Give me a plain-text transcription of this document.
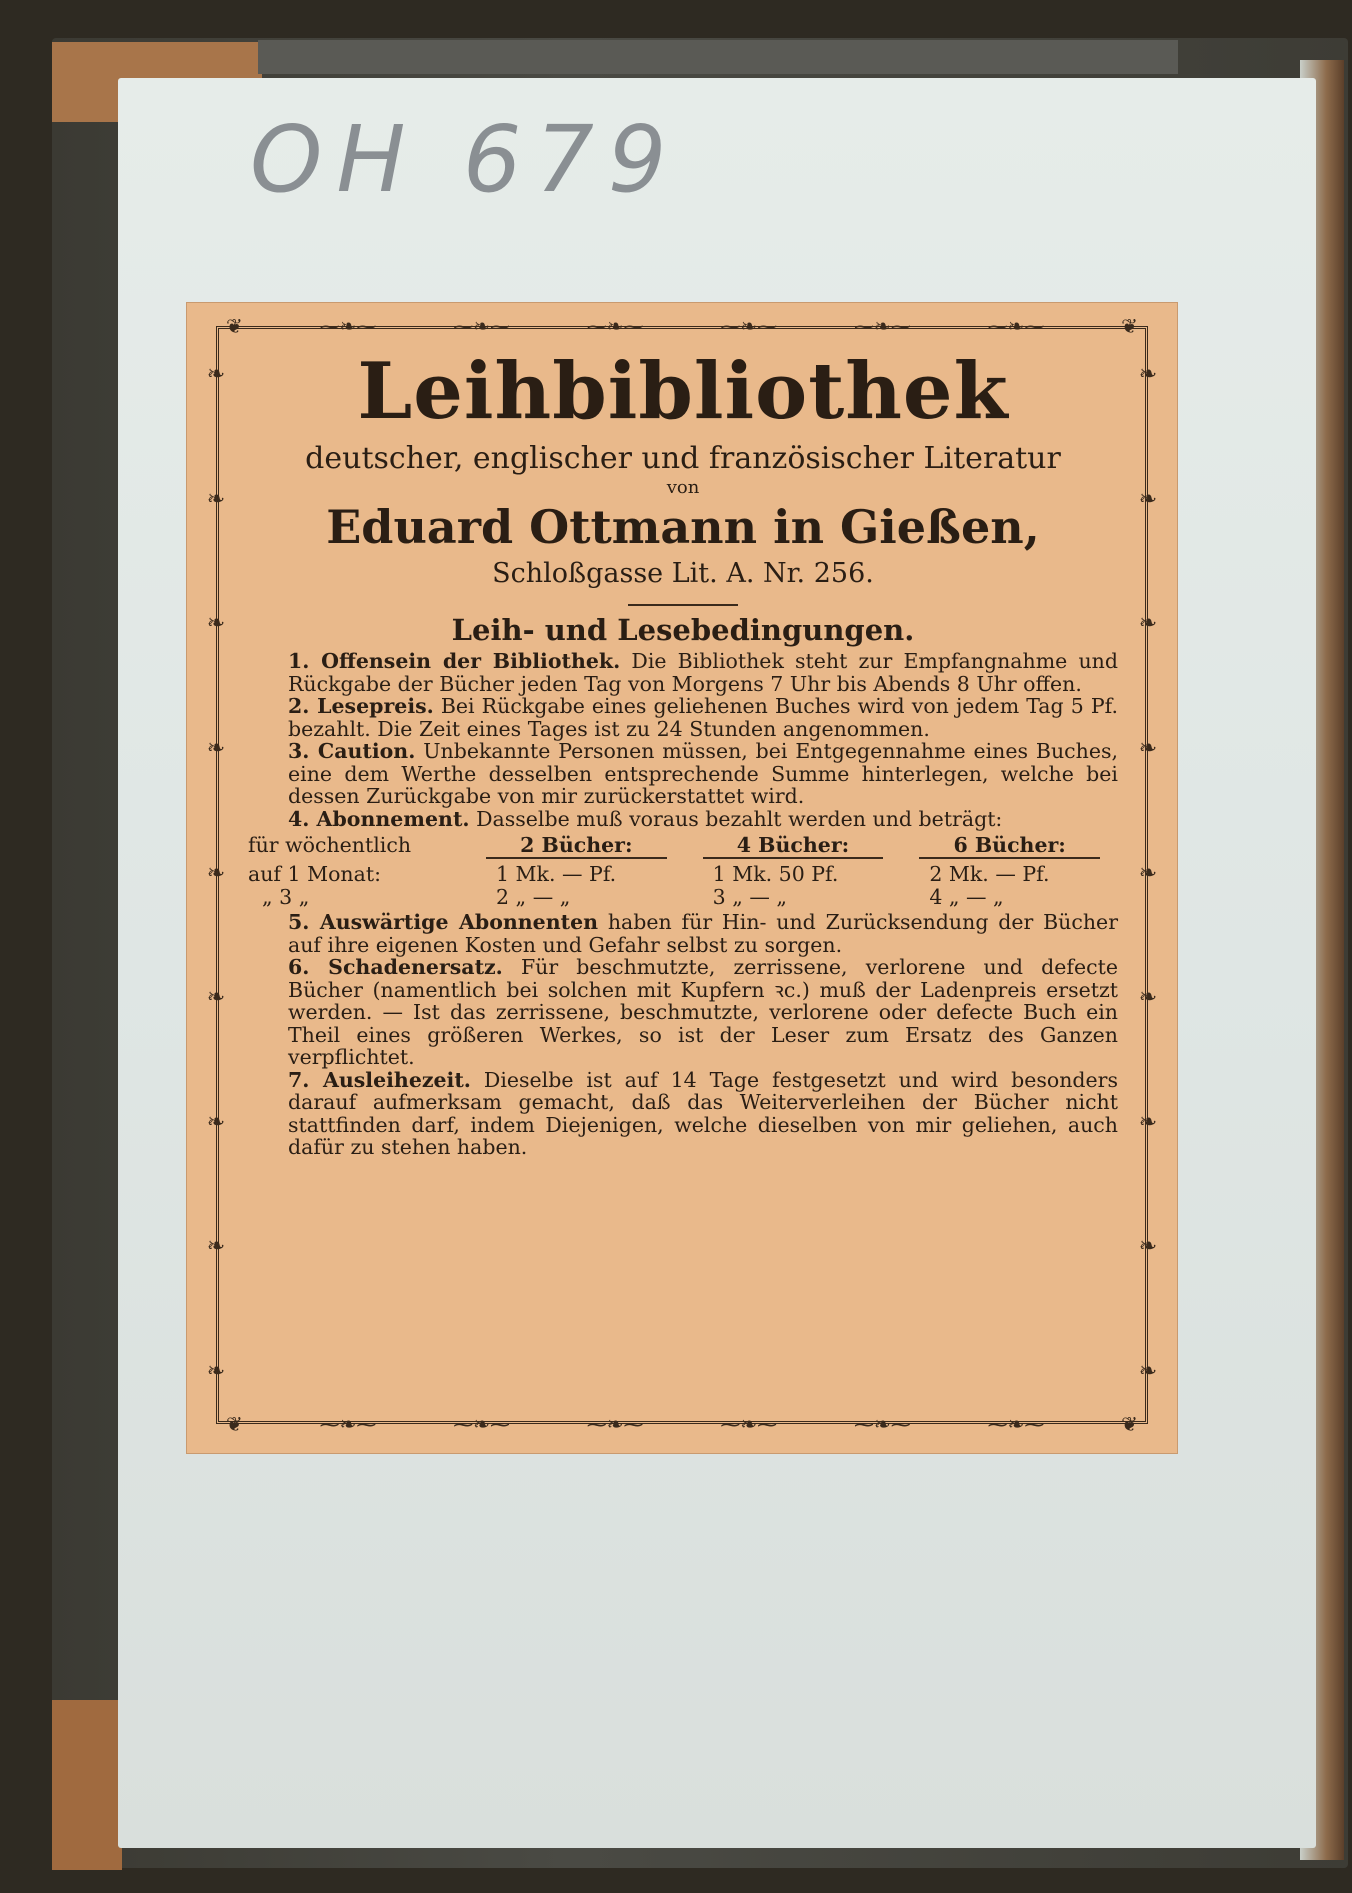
OH 679
❦	⁓❧⁓	⁓❧⁓	⁓❧⁓	⁓❧⁓	⁓❧⁓	⁓❧⁓	❦
❦	⁓❧⁓	⁓❧⁓	⁓❧⁓	⁓❧⁓	⁓❧⁓	⁓❧⁓	❦
❧
❧
❧
❧
❧
❧
❧
❧
❧
❧
❧
❧
❧
❧
❧
❧
❧
❧
Leihbibliothek
deutscher, englischer und französischer Literatur
von
Eduard Ottmann in Gießen,
Schloßgasse Lit. A. Nr. 256.
Leih- und Lesebedingungen.

1. Offensein der Bibliothek. Die Bibliothek steht zur Empfangnahme und Rückgabe der Bücher jeden Tag von Morgens 7 Uhr bis Abends 8 Uhr offen.

2. Lesepreis. Bei Rückgabe eines geliehenen Buches wird von jedem Tag 5 Pf. bezahlt. Die Zeit eines Tages ist zu 24 Stunden angenommen.

3. Caution. Unbekannte Personen müssen, bei Entgegennahme eines Buches, eine dem Werthe desselben entsprechende Summe hinterlegen, welche bei dessen Zurückgabe von mir zurückerstattet wird.

4. Abonnement. Dasselbe muß voraus bezahlt werden und beträgt:

für wöchentlich	2 Bücher:	4 Bücher:	6 Bücher:
auf 1 Monat:	1 Mk. — Pf.	1 Mk. 50 Pf.	2 Mk. — Pf.
„ 3 „	2 „ — „	3 „ — „	4 „ — „

5. Auswärtige Abonnenten haben für Hin- und Zurücksendung der Bücher auf ihre eigenen Kosten und Gefahr selbst zu sorgen.

6. Schadenersatz. Für beschmutzte, zerrissene, verlorene und defecte Bücher (namentlich bei solchen mit Kupfern ꝛc.) muß der Ladenpreis ersetzt werden. — Ist das zerrissene, beschmutzte, verlorene oder defecte Buch ein Theil eines größeren Werkes, so ist der Leser zum Ersatz des Ganzen verpflichtet.

7. Ausleihezeit. Dieselbe ist auf 14 Tage festgesetzt und wird besonders darauf aufmerksam gemacht, daß das Weiterverleihen der Bücher nicht stattfinden darf, indem Diejenigen, welche dieselben von mir geliehen, auch dafür zu stehen haben.
